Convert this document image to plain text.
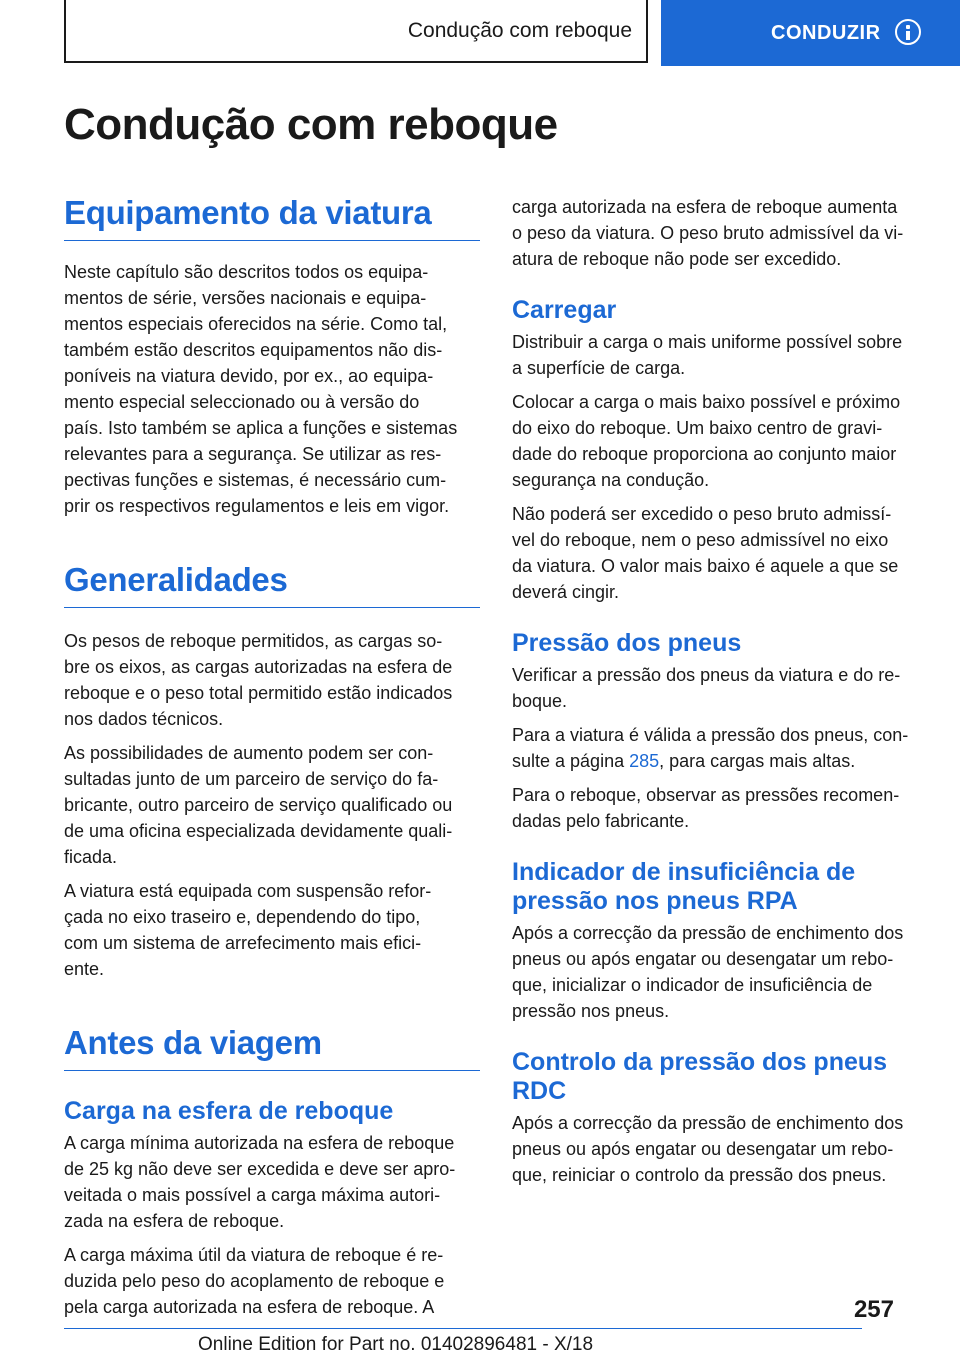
Condução com reboque	CONDUZIR
Condução com reboque
Equipamento da viatura

Neste capítulo são descritos todos os equipa-
mentos de série, versões nacionais e equipa-
mentos especiais oferecidos na série. Como tal,
também estão descritos equipamentos não dis-
poníveis na viatura devido, por ex., ao equipa-
mento especial seleccionado ou à versão do
país. Isto também se aplica a funções e sistemas
relevantes para a segurança. Se utilizar as res-
pectivas funções e sistemas, é necessário cum-
prir os respectivos regulamentos e leis em vigor.

Generalidades

Os pesos de reboque permitidos, as cargas so-
bre os eixos, as cargas autorizadas na esfera de
reboque e o peso total permitido estão indicados
nos dados técnicos.

As possibilidades de aumento podem ser con-
sultadas junto de um parceiro de serviço do fa-
bricante, outro parceiro de serviço qualificado ou
de uma oficina especializada devidamente quali-
ficada.

A viatura está equipada com suspensão refor-
çada no eixo traseiro e, dependendo do tipo,
com um sistema de arrefecimento mais efici-
ente.

Antes da viagem
Carga na esfera de reboque

A carga mínima autorizada na esfera de reboque
de 25 kg não deve ser excedida e deve ser apro-
veitada o mais possível a carga máxima autori-
zada na esfera de reboque.

A carga máxima útil da viatura de reboque é re-
duzida pelo peso do acoplamento de reboque e
pela carga autorizada na esfera de reboque. A

carga autorizada na esfera de reboque aumenta
o peso da viatura. O peso bruto admissível da vi-
atura de reboque não pode ser excedido.

Carregar

Distribuir a carga o mais uniforme possível sobre
a superfície de carga.

Colocar a carga o mais baixo possível e próximo
do eixo do reboque. Um baixo centro de gravi-
dade do reboque proporciona ao conjunto maior
segurança na condução.

Não poderá ser excedido o peso bruto admissí-
vel do reboque, nem o peso admissível no eixo
da viatura. O valor mais baixo é aquele a que se
deverá cingir.

Pressão dos pneus

Verificar a pressão dos pneus da viatura e do re-
boque.

Para a viatura é válida a pressão dos pneus, con-
sulte a página 285, para cargas mais altas.

Para o reboque, observar as pressões recomen-
dadas pelo fabricante.

Indicador de insuficiência de
pressão nos pneus RPA

Após a correcção da pressão de enchimento dos
pneus ou após engatar ou desengatar um rebo-
que, inicializar o indicador de insuficiência de
pressão nos pneus.

Controlo da pressão dos pneus
RDC

Após a correcção da pressão de enchimento dos
pneus ou após engatar ou desengatar um rebo-
que, reiniciar o controlo da pressão dos pneus.

257
Online Edition for Part no. 01402896481 - X/18
